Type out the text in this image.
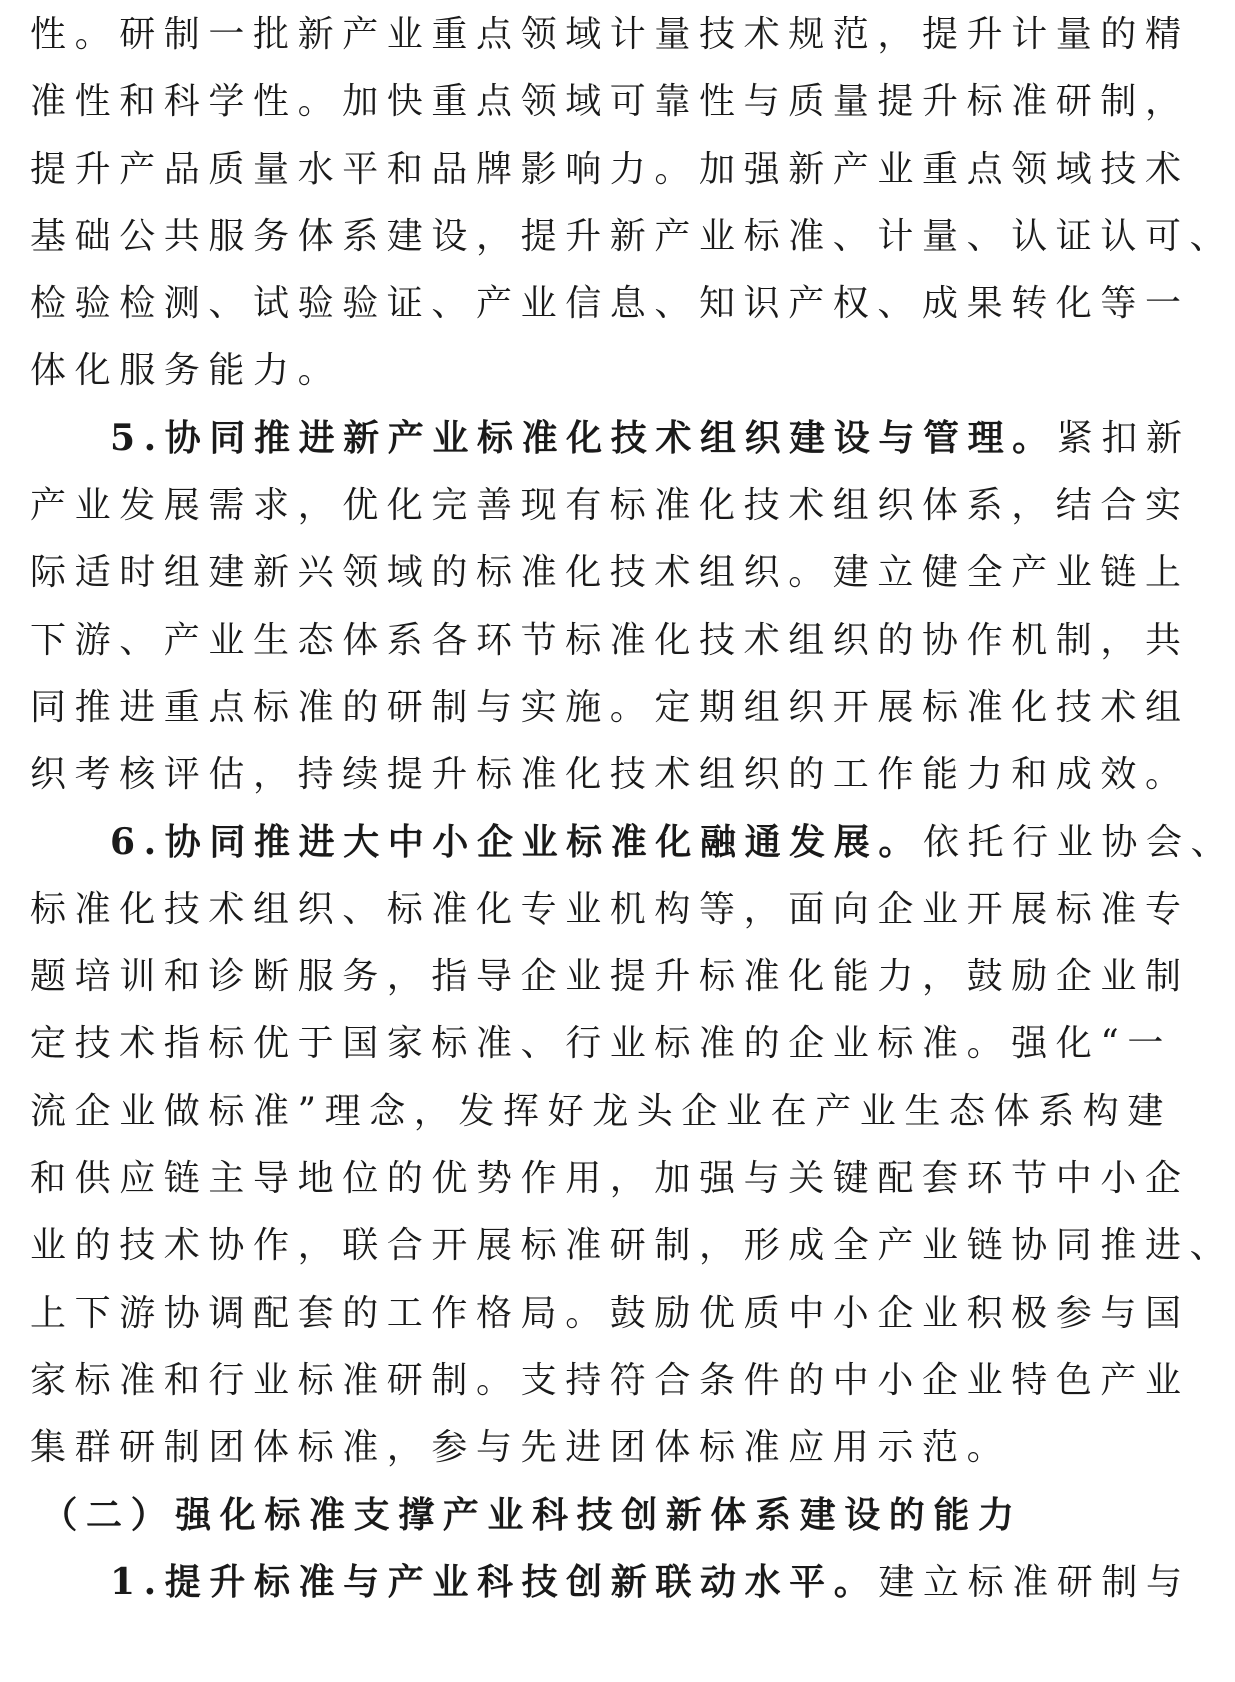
性。研制一批新产业重点领域计量技术规范，提升计量的精
准性和科学性。加快重点领域可靠性与质量提升标准研制，
提升产品质量水平和品牌影响力。加强新产业重点领域技术
基础公共服务体系建设，提升新产业标准、计量、认证认可、
检验检测、试验验证、产业信息、知识产权、成果转化等一
体化服务能力。
5.协同推进新产业标准化技术组织建设与管理。紧扣新
产业发展需求，优化完善现有标准化技术组织体系，结合实
际适时组建新兴领域的标准化技术组织。建立健全产业链上
下游、产业生态体系各环节标准化技术组织的协作机制，共
同推进重点标准的研制与实施。定期组织开展标准化技术组
织考核评估，持续提升标准化技术组织的工作能力和成效。
6.协同推进大中小企业标准化融通发展。依托行业协会、
标准化技术组织、标准化专业机构等，面向企业开展标准专
题培训和诊断服务，指导企业提升标准化能力，鼓励企业制
定技术指标优于国家标准、行业标准的企业标准。强化“一
流企业做标准”理念，发挥好龙头企业在产业生态体系构建
和供应链主导地位的优势作用，加强与关键配套环节中小企
业的技术协作，联合开展标准研制，形成全产业链协同推进、
上下游协调配套的工作格局。鼓励优质中小企业积极参与国
家标准和行业标准研制。支持符合条件的中小企业特色产业
集群研制团体标准，参与先进团体标准应用示范。
（二）强化标准支撑产业科技创新体系建设的能力
1.提升标准与产业科技创新联动水平。建立标准研制与
